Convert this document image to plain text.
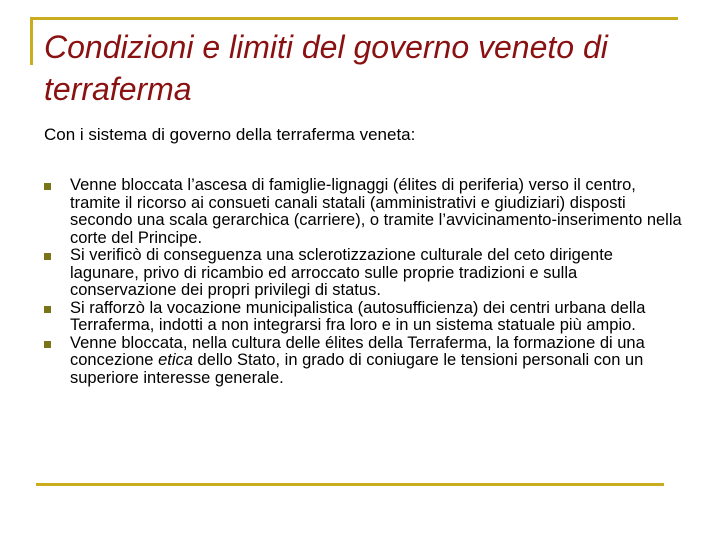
Condizioni e limiti del governo veneto di terraferma

Con i sistema di governo della terraferma veneta:

Venne bloccata l’ascesa di famiglie-lignaggi (élites di periferia) verso il centro, tramite il ricorso ai consueti canali statali (amministrativi e giudiziari) disposti secondo una scala gerarchica (carriere), o tramite l’avvicinamento-inserimento nella corte del Principe.
Si verificò di conseguenza una sclerotizzazione culturale del ceto dirigente lagunare, privo di ricambio ed arroccato sulle proprie tradizioni e sulla conservazione dei propri privilegi di status.
Si rafforzò la vocazione municipalistica (autosufficienza) dei centri urbana della Terraferma, indotti a non integrarsi fra loro e in un sistema statuale più ampio.
Venne bloccata, nella cultura delle élites della Terraferma, la formazione di una concezione etica dello Stato, in grado di coniugare le tensioni personali con un superiore interesse generale.
